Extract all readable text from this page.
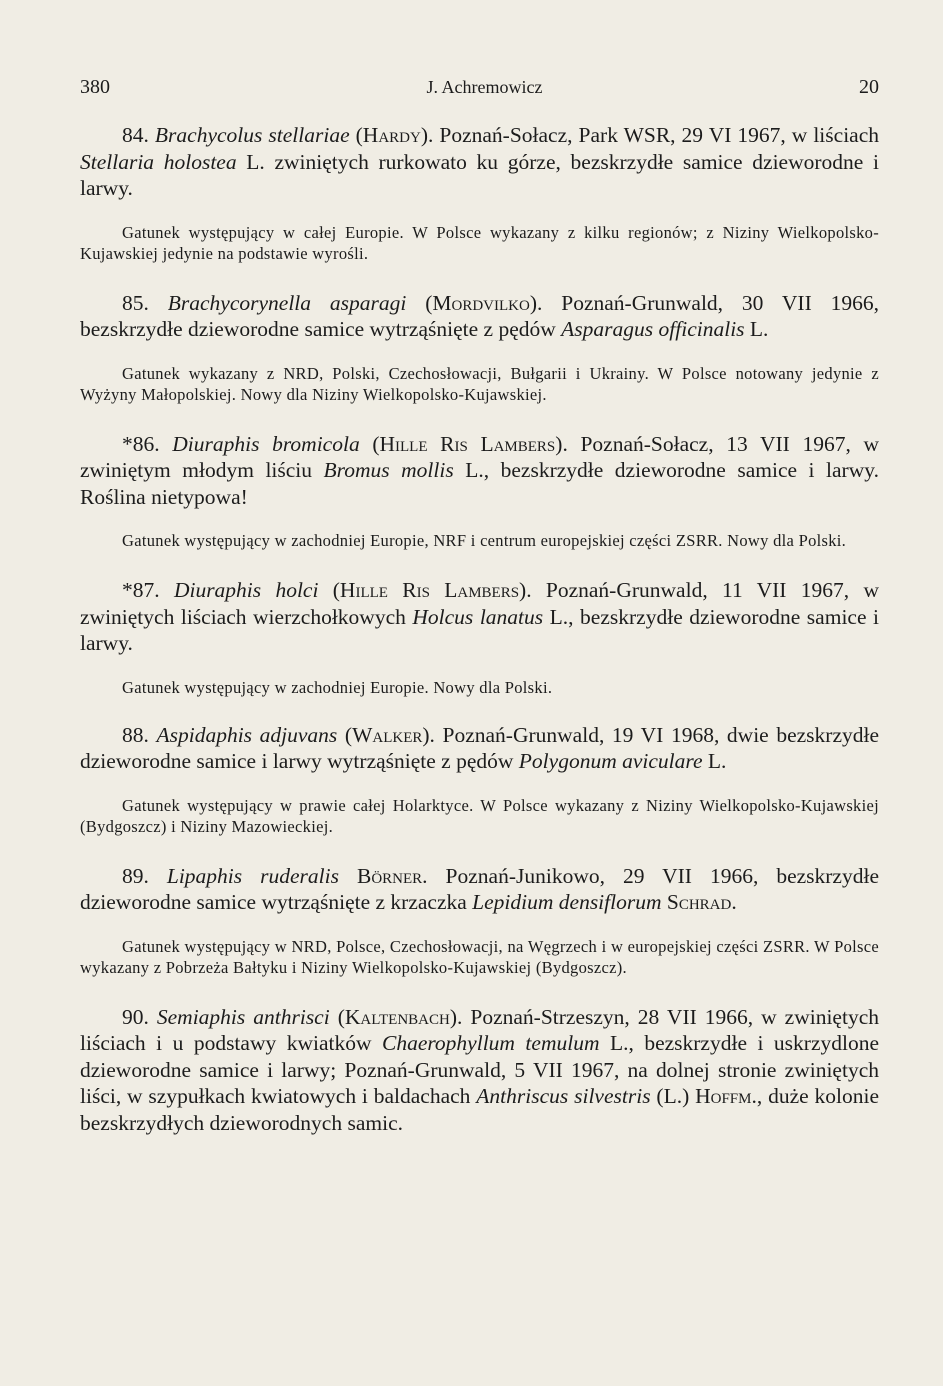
380	J. Achremowicz	20

84. Brachycolus stellariae (Hardy). Poznań-Sołacz, Park WSR, 29 VI 1967, w liściach Stellaria holostea L. zwiniętych rurkowato ku górze, bezskrzydłe samice dzieworodne i larwy.

Gatunek występujący w całej Europie. W Polsce wykazany z kilku regionów; z Niziny Wielkopolsko-Kujawskiej jedynie na podstawie wyrośli.

85. Brachycorynella asparagi (Mordvilko). Poznań-Grunwald, 30 VII 1966, bezskrzydłe dzieworodne samice wytrząśnięte z pędów Asparagus officinalis L.

Gatunek wykazany z NRD, Polski, Czechosłowacji, Bułgarii i Ukrainy. W Polsce notowany jedynie z Wyżyny Małopolskiej. Nowy dla Niziny Wielkopolsko-Kujawskiej.

*86. Diuraphis bromicola (Hille Ris Lambers). Poznań-Sołacz, 13 VII 1967, w zwiniętym młodym liściu Bromus mollis L., bezskrzydłe dzieworodne samice i larwy. Roślina nietypowa!

Gatunek występujący w zachodniej Europie, NRF i centrum europejskiej części ZSRR. Nowy dla Polski.

*87. Diuraphis holci (Hille Ris Lambers). Poznań-Grunwald, 11 VII 1967, w zwiniętych liściach wierzchołkowych Holcus lanatus L., bezskrzydłe dzieworodne samice i larwy.

Gatunek występujący w zachodniej Europie. Nowy dla Polski.

88. Aspidaphis adjuvans (Walker). Poznań-Grunwald, 19 VI 1968, dwie bezskrzydłe dzieworodne samice i larwy wytrząśnięte z pędów Polygonum aviculare L.

Gatunek występujący w prawie całej Holarktyce. W Polsce wykazany z Niziny Wielkopolsko-Kujawskiej (Bydgoszcz) i Niziny Mazowieckiej.

89. Lipaphis ruderalis Börner. Poznań-Junikowo, 29 VII 1966, bezskrzydłe dzieworodne samice wytrząśnięte z krzaczka Lepidium densiflorum Schrad.

Gatunek występujący w NRD, Polsce, Czechosłowacji, na Węgrzech i w europejskiej części ZSRR. W Polsce wykazany z Pobrzeża Bałtyku i Niziny Wielkopolsko-Kujawskiej (Bydgoszcz).

90. Semiaphis anthrisci (Kaltenbach). Poznań-Strzeszyn, 28 VII 1966, w zwiniętych liściach i u podstawy kwiatków Chaerophyllum temulum L., bezskrzydłe i uskrzydlone dzieworodne samice i larwy; Poznań-Grunwald, 5 VII 1967, na dolnej stronie zwiniętych liści, w szypułkach kwiatowych i baldachach Anthriscus silvestris (L.) Hoffm., duże kolonie bezskrzydłych dzieworodnych samic.
